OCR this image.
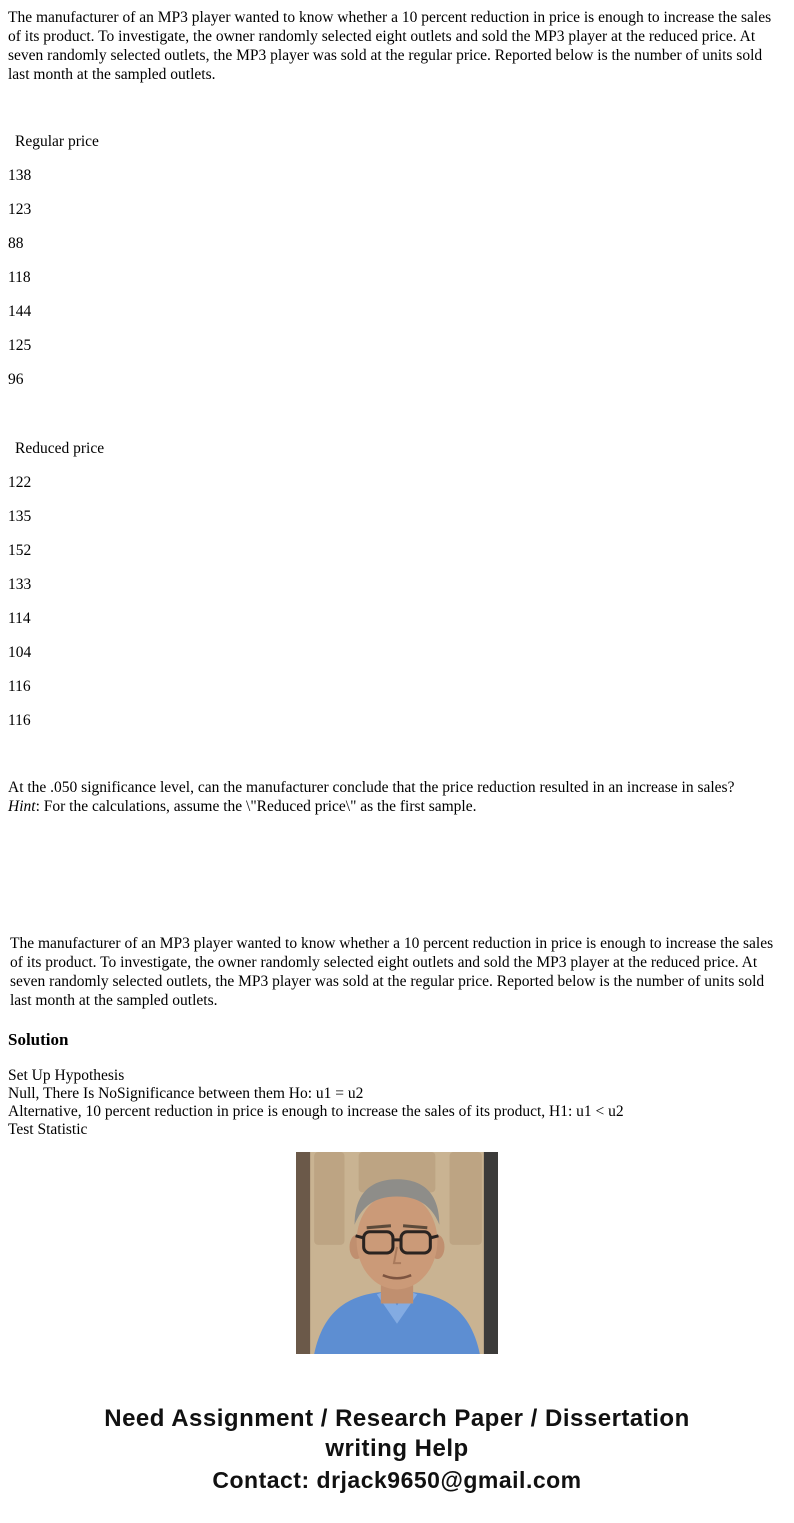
The manufacturer of an MP3 player wanted to know whether a 10 percent reduction in price is enough to increase the sales of its product. To investigate, the owner randomly selected eight outlets and sold the MP3 player at the reduced price. At seven randomly selected outlets, the MP3 player was sold at the regular price. Reported below is the number of units sold last month at the sampled outlets.

Regular price
138
123
88
118
144
125
96
Reduced price
122
135
152
133
114
104
116
116
At the .050 significance level, can the manufacturer conclude that the price reduction resulted in an increase in sales?
Hint: For the calculations, assume the \"Reduced price\" as the first sample.

The manufacturer of an MP3 player wanted to know whether a 10 percent reduction in price is enough to increase the sales of its product. To investigate, the owner randomly selected eight outlets and sold the MP3 player at the reduced price. At seven randomly selected outlets, the MP3 player was sold at the regular price. Reported below is the number of units sold last month at the sampled outlets.

Solution

Set Up Hypothesis

Null, There Is NoSignificance between them Ho: u1 = u2

Alternative, 10 percent reduction in price is enough to increase the sales of its product, H1: u1 < u2

Test Statistic
Need Assignment / Research Paper / Dissertation
writing Help
Contact: drjack9650@gmail.com
